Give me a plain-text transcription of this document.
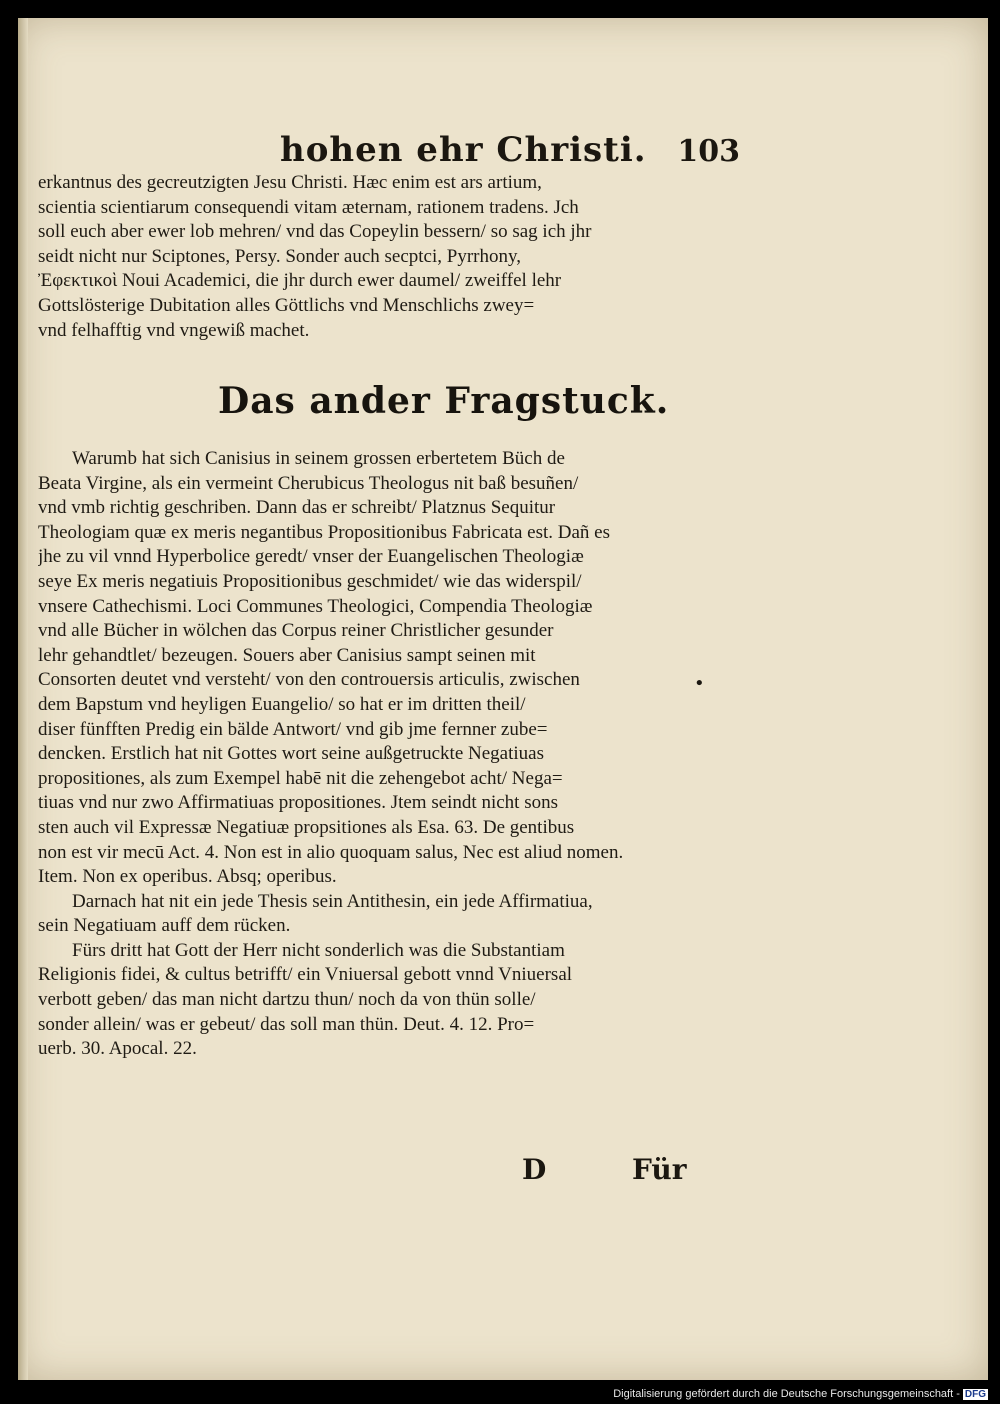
hohen ehr Christi. 103
erkantnus des gecreutzigten Jesu Christi. Hæc enim est ars artium,
scientia scientiarum consequendi vitam æternam, rationem tradens. Jch
soll euch aber ewer lob mehren/ vnd das Copeylin bessern/ so sag ich jhr
seidt nicht nur Sciptones, Persy. Sonder auch secptci, Pyrrhony,
Ἐφεκτικοὶ Noui Academici, die jhr durch ewer daumel/ zweiffel lehr
Gottslösterige Dubitation alles Göttlichs vnd Menschlichs zwey=
vnd felhafftig vnd vngewiß machet.
Das ander Fragstuck.
Warumb hat sich Canisius in seinem grossen erbertetem Büch de
Beata Virgine, als ein vermeint Cherubicus Theologus nit baß besuñen/
vnd vmb richtig geschriben. Dann das er schreibt/ Platznus Sequitur
Theologiam quæ ex meris negantibus Propositionibus Fabricata est. Dañ es
jhe zu vil vnnd Hyperbolice geredt/ vnser der Euangelischen Theologiæ
seye Ex meris negatiuis Propositionibus geschmidet/ wie das widerspil/
vnsere Cathechismi. Loci Communes Theologici, Compendia Theologiæ
vnd alle Bücher in wölchen das Corpus reiner Christlicher gesunder
lehr gehandtlet/ bezeugen. Souers aber Canisius sampt seinen mit
Consorten deutet vnd versteht/ von den controuersis articulis, zwischen
dem Bapstum vnd heyligen Euangelio/ so hat er im dritten theil/
diser fünfften Predig ein bälde Antwort/ vnd gib jme fernner zube=
dencken. Erstlich hat nit Gottes wort seine außgetruckte Negatiuas
propositiones, als zum Exempel habē nit die zehengebot acht/ Nega=
tiuas vnd nur zwo Affirmatiuas propositiones. Jtem seindt nicht sons
sten auch vil Expressæ Negatiuæ propsitiones als Esa. 63. De gentibus
non est vir mecū Act. 4. Non est in alio quoquam salus, Nec est aliud nomen.
Item. Non ex operibus. Absq; operibus.
Darnach hat nit ein jede Thesis sein Antithesin, ein jede Affirmatiua,
sein Negatiuam auff dem rücken.
Fürs dritt hat Gott der Herr nicht sonderlich was die Substantiam
Religionis fidei, & cultus betrifft/ ein Vniuersal gebott vnnd Vniuersal
verbott geben/ das man nicht dartzu thun/ noch da von thün solle/
sonder allein/ was er gebeut/ das soll man thün. Deut. 4. 12. Pro=
uerb. 30. Apocal. 22.
•
D	Für
Digitalisierung gefördert durch die Deutsche Forschungsgemeinschaft - DFG
